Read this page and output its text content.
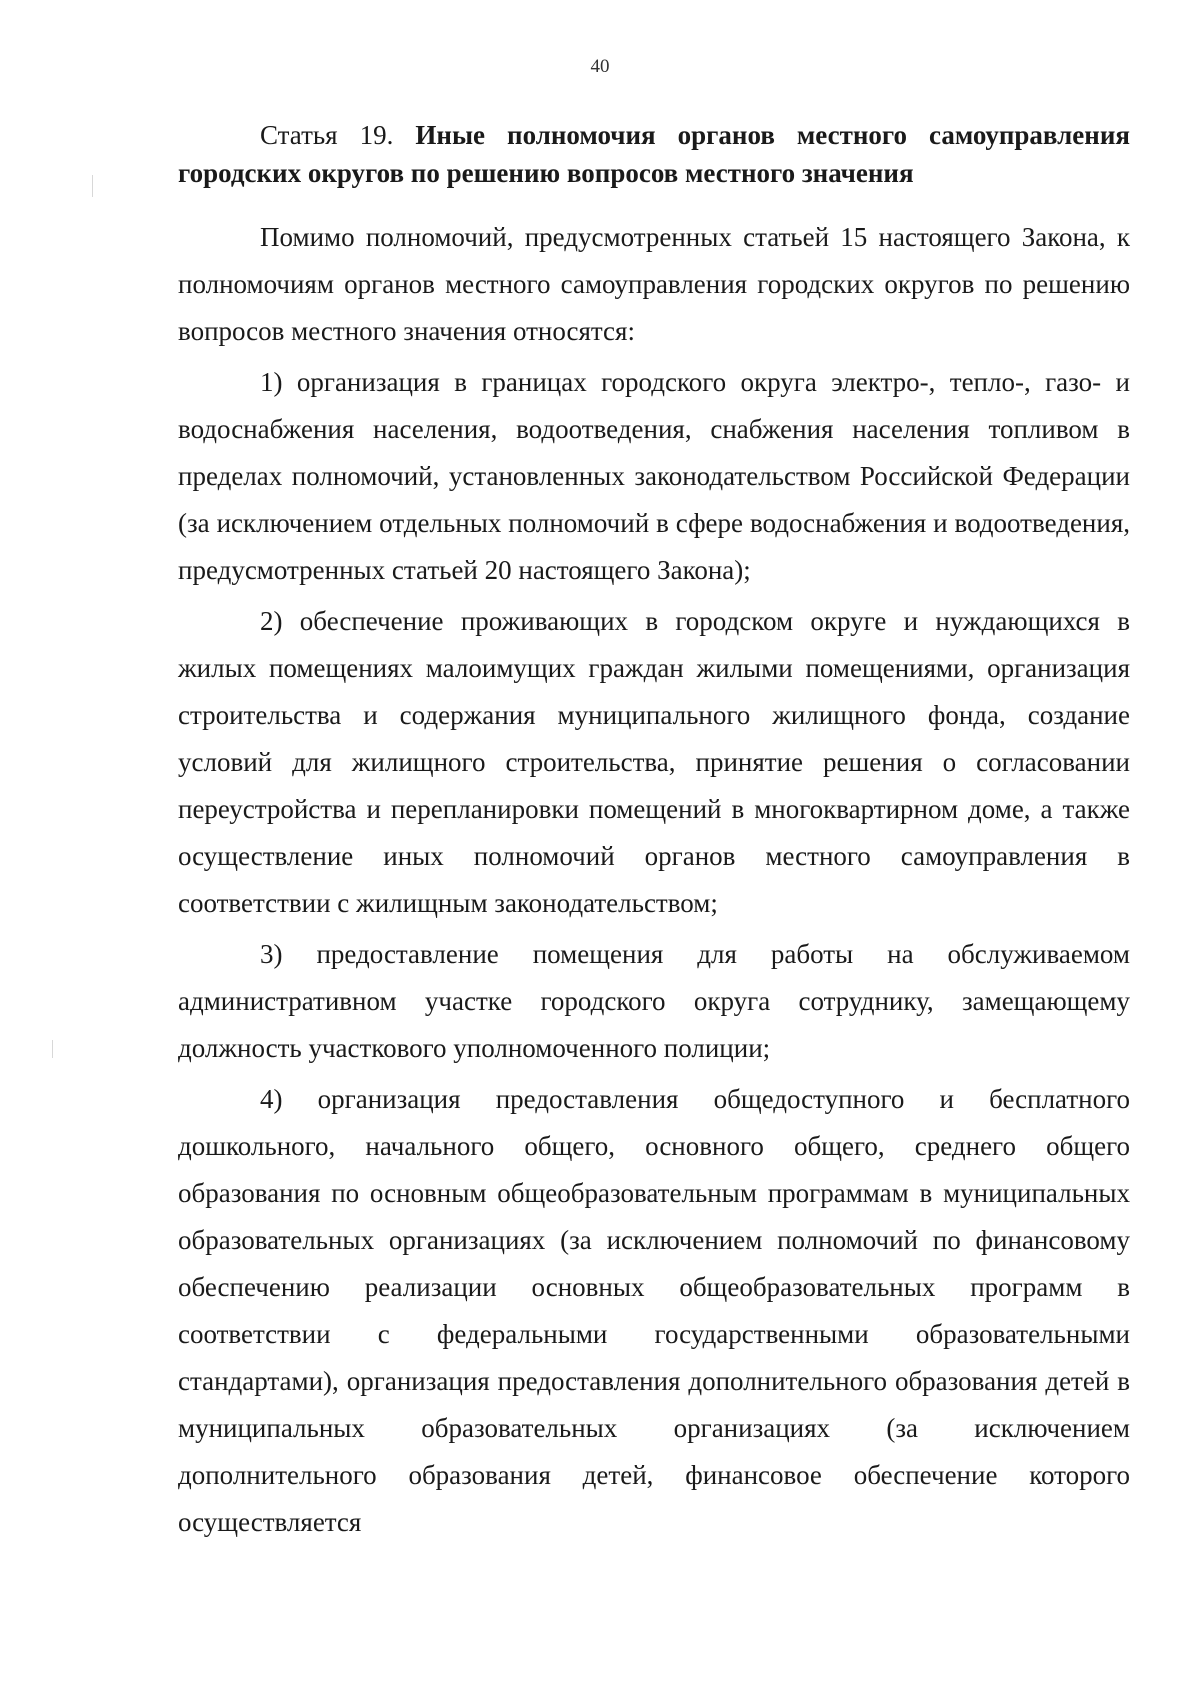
40

Статья 19. Иные полномочия органов местного самоуправления городских округов по решению вопросов местного значения

Помимо полномочий, предусмотренных статьей 15 настоящего Закона, к полномочиям органов местного самоуправления городских округов по решению вопросов местного значения относятся:

1) организация в границах городского округа электро-, тепло-, газо- и водоснабжения населения, водоотведения, снабжения населения топливом в пределах полномочий, установленных законодательством Российской Федерации (за исключением отдельных полномочий в сфере водоснабжения и водоотведения, предусмотренных статьей 20 настоящего Закона);

2) обеспечение проживающих в городском округе и нуждающихся в жилых помещениях малоимущих граждан жилыми помещениями, организация строительства и содержания муниципального жилищного фонда, создание условий для жилищного строительства, принятие решения о согласовании переустройства и перепланировки помещений в многоквартирном доме, а также осуществление иных полномочий органов местного самоуправления в соответствии с жилищным законодательством;

3) предоставление помещения для работы на обслуживаемом административном участке городского округа сотруднику, замещающему должность участкового уполномоченного полиции;

4) организация предоставления общедоступного и бесплатного дошкольного, начального общего, основного общего, среднего общего образования по основным общеобразовательным программам в муниципальных образовательных организациях (за исключением полномочий по финансовому обеспечению реализации основных общеобразовательных программ в соответствии с федеральными государственными образовательными стандартами), организация предоставления дополнительного образования детей в муниципальных образовательных организациях (за исключением дополнительного образования детей, финансовое обеспечение которого осуществляется
